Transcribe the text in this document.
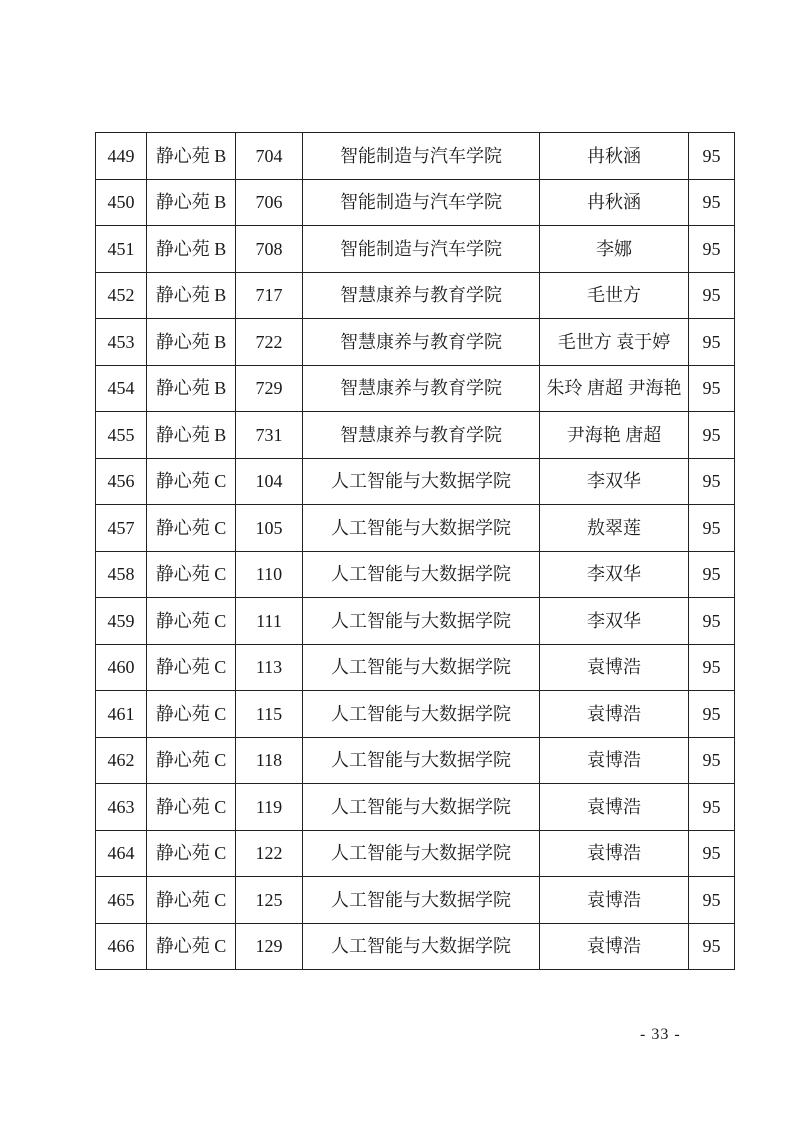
449	静心苑 B	704	智能制造与汽车学院	冉秋涵	95
450	静心苑 B	706	智能制造与汽车学院	冉秋涵	95
451	静心苑 B	708	智能制造与汽车学院	李娜	95
452	静心苑 B	717	智慧康养与教育学院	毛世方	95
453	静心苑 B	722	智慧康养与教育学院	毛世方 袁于婷	95
454	静心苑 B	729	智慧康养与教育学院	朱玲 唐超 尹海艳	95
455	静心苑 B	731	智慧康养与教育学院	尹海艳 唐超	95
456	静心苑 C	104	人工智能与大数据学院	李双华	95
457	静心苑 C	105	人工智能与大数据学院	敖翠莲	95
458	静心苑 C	110	人工智能与大数据学院	李双华	95
459	静心苑 C	111	人工智能与大数据学院	李双华	95
460	静心苑 C	113	人工智能与大数据学院	袁博浩	95
461	静心苑 C	115	人工智能与大数据学院	袁博浩	95
462	静心苑 C	118	人工智能与大数据学院	袁博浩	95
463	静心苑 C	119	人工智能与大数据学院	袁博浩	95
464	静心苑 C	122	人工智能与大数据学院	袁博浩	95
465	静心苑 C	125	人工智能与大数据学院	袁博浩	95
466	静心苑 C	129	人工智能与大数据学院	袁博浩	95
- 33 -
